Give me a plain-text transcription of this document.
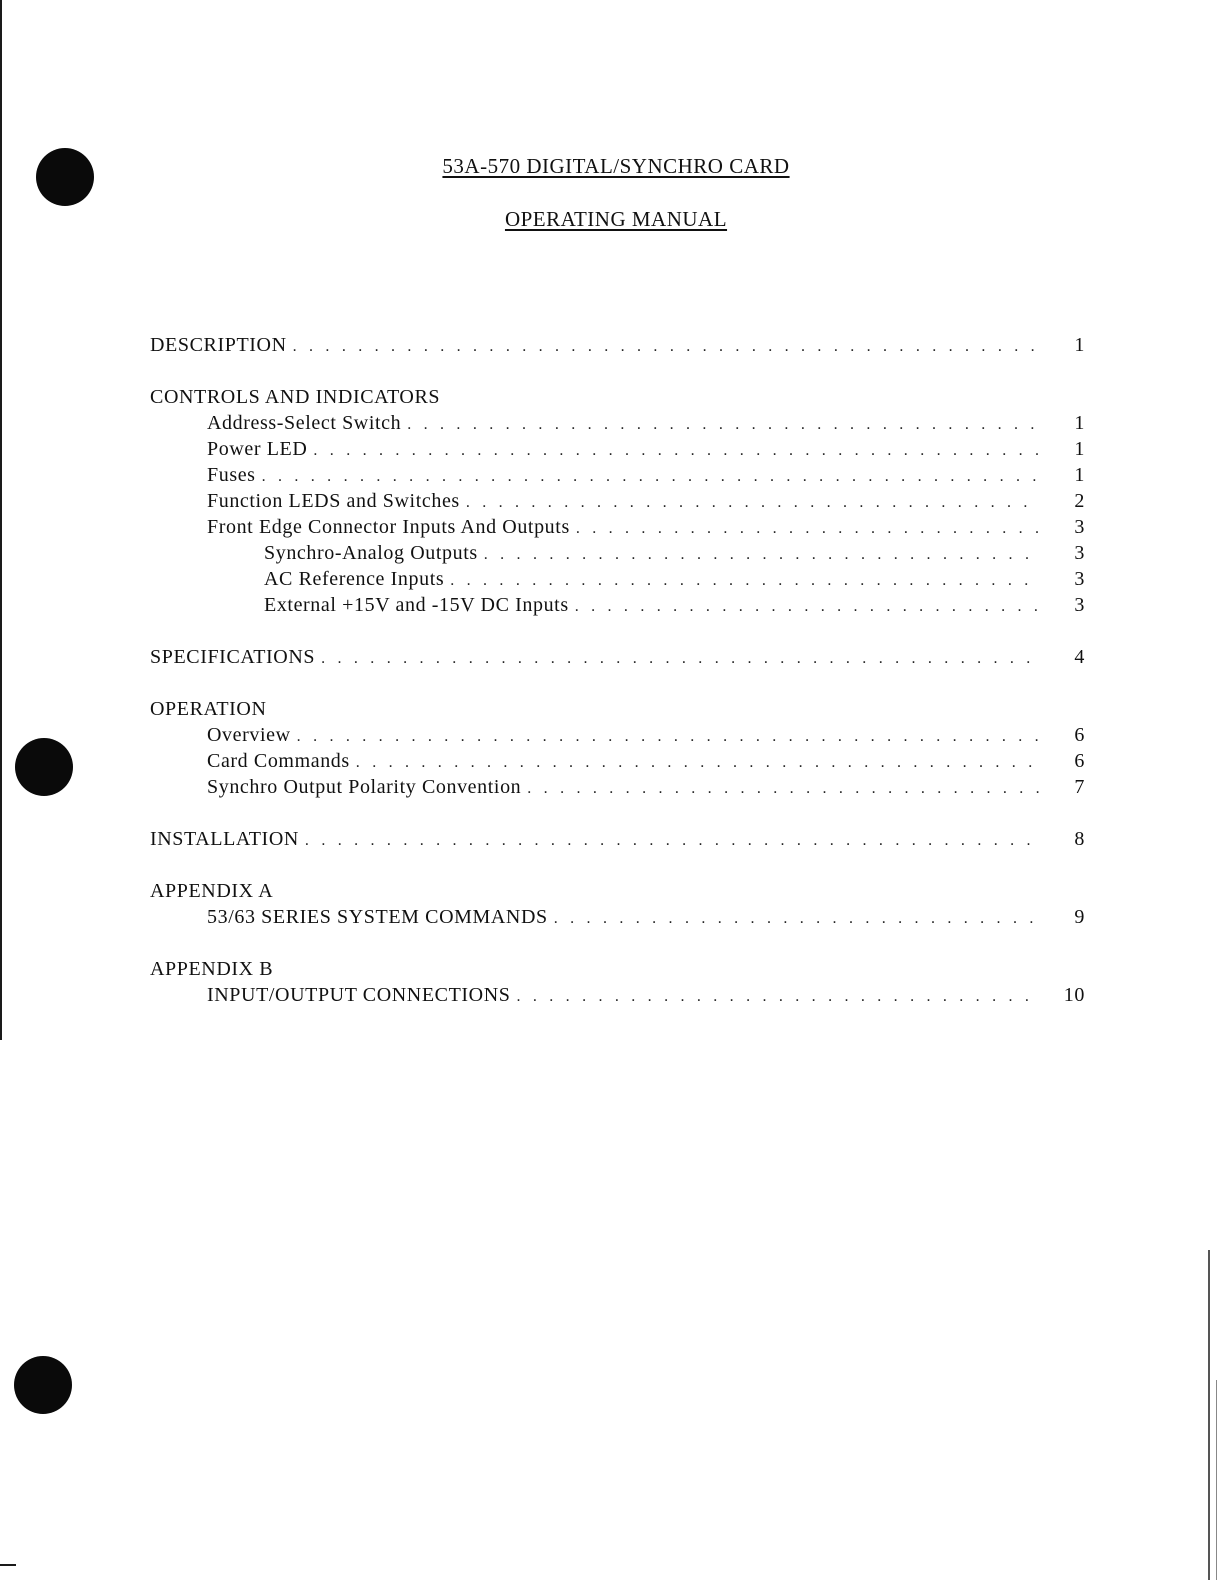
53A-570 DIGITAL/SYNCHRO CARD
OPERATING MANUAL
DESCRIPTION . . .	1
CONTROLS AND INDICATORS
Address-Select Switch . . .	1
Power LED . . .	1
Fuses . . .	1
Function LEDS and Switches . . .	2
Front Edge Connector Inputs And Outputs . . .	3
Synchro-Analog Outputs . . .	3
AC Reference Inputs . . .	3
External +15V and -15V DC Inputs . . .	3
SPECIFICATIONS . . .	4
OPERATION
Overview . . .	6
Card Commands . . .	6
Synchro Output Polarity Convention . . .	7
INSTALLATION . . .	8
APPENDIX A
53/63 SERIES SYSTEM COMMANDS . . .	9
APPENDIX B
INPUT/OUTPUT CONNECTIONS . . .	10
